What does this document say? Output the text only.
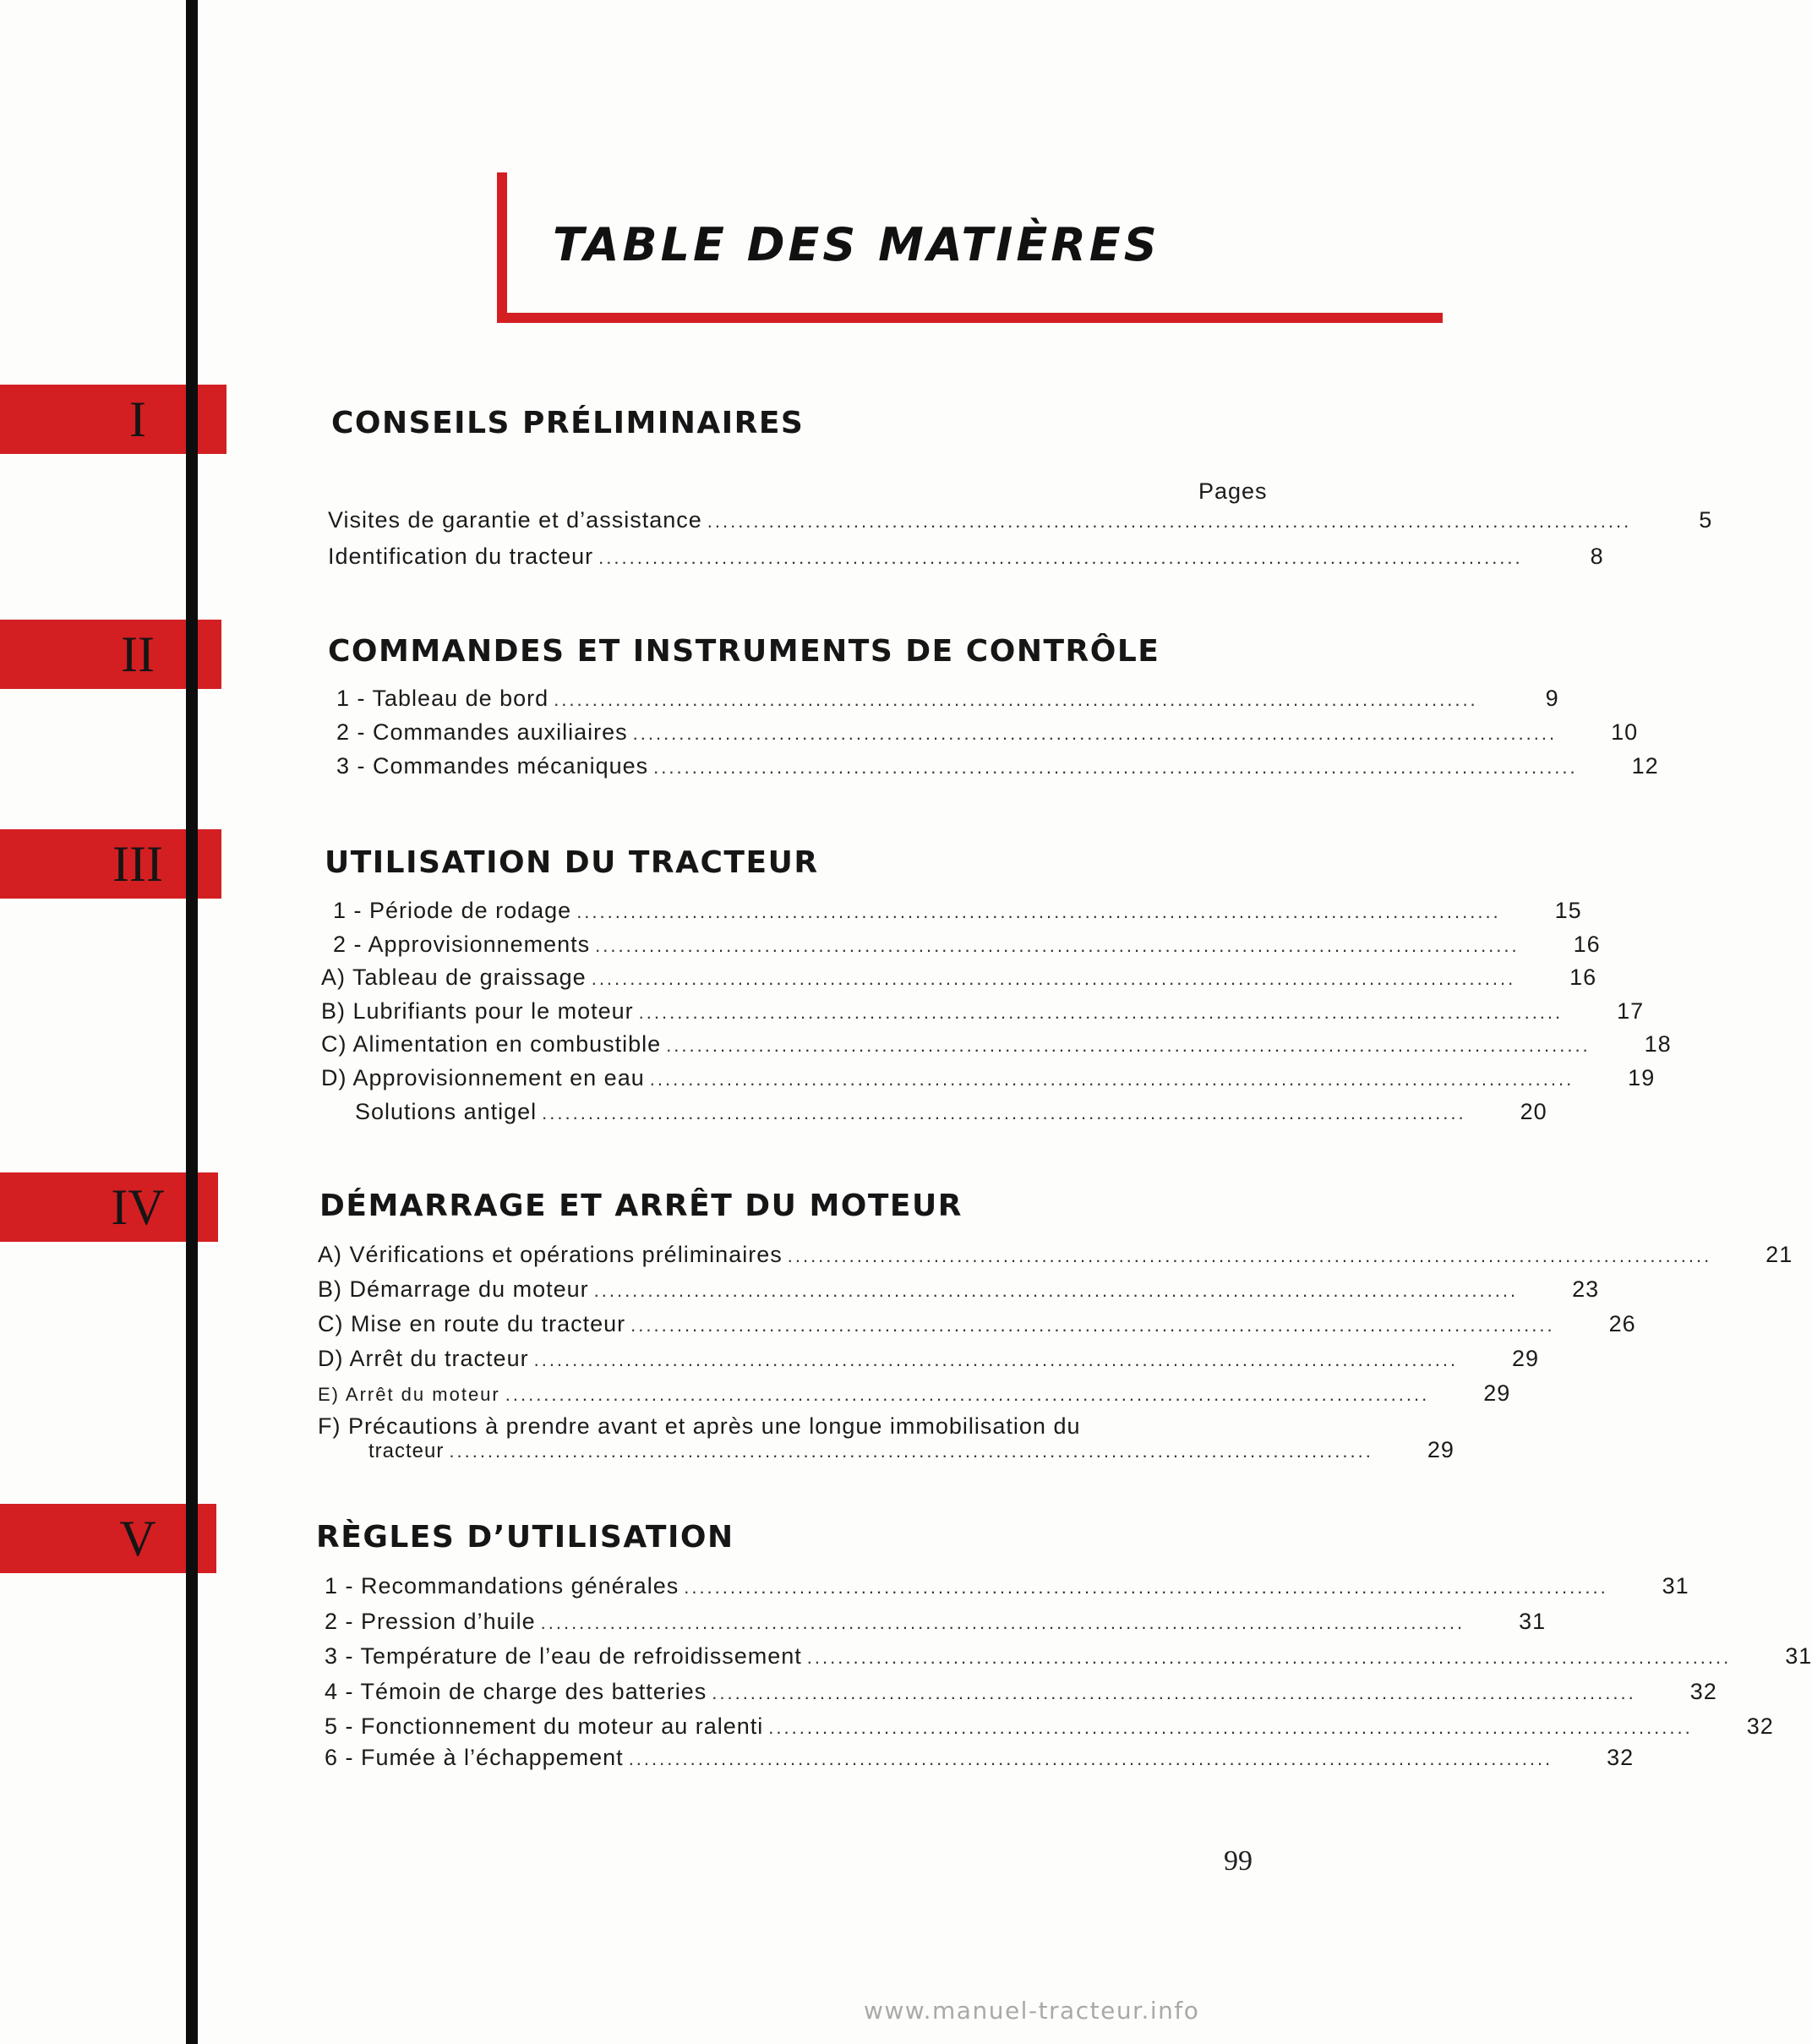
I
II
III
IV
V
TABLE DES MATIÈRES
CONSEILS PRÉLIMINAIRES
Pages
Visites de garantie et d’assistance ........................................................................................................................	5
Identification du tracteur ........................................................................................................................	8
COMMANDES ET INSTRUMENTS DE CONTRÔLE
1 - Tableau de bord ........................................................................................................................	9
2 - Commandes auxiliaires ........................................................................................................................	10
3 - Commandes mécaniques ........................................................................................................................	12
UTILISATION DU TRACTEUR
1 - Période de rodage ........................................................................................................................	15
2 - Approvisionnements ........................................................................................................................	16
A) Tableau de graissage ........................................................................................................................	16
B) Lubrifiants pour le moteur ........................................................................................................................	17
C) Alimentation en combustible ........................................................................................................................	18
D) Approvisionnement en eau ........................................................................................................................	19
Solutions antigel ........................................................................................................................	20
DÉMARRAGE ET ARRÊT DU MOTEUR
A) Vérifications et opérations préliminaires ........................................................................................................................	21
B) Démarrage du moteur ........................................................................................................................	23
C) Mise en route du tracteur ........................................................................................................................	26
D) Arrêt du tracteur ........................................................................................................................	29
E) Arrêt du moteur ........................................................................................................................	29
F) Précautions à prendre avant et après une longue immobilisation du
tracteur ........................................................................................................................	29
RÈGLES D’UTILISATION
1 - Recommandations générales ........................................................................................................................	31
2 - Pression d’huile ........................................................................................................................	31
3 - Température de l’eau de refroidissement ........................................................................................................................	31
4 - Témoin de charge des batteries ........................................................................................................................	32
5 - Fonctionnement du moteur au ralenti ........................................................................................................................	32
6 - Fumée à l’échappement ........................................................................................................................	32
99
www.manuel-tracteur.info
